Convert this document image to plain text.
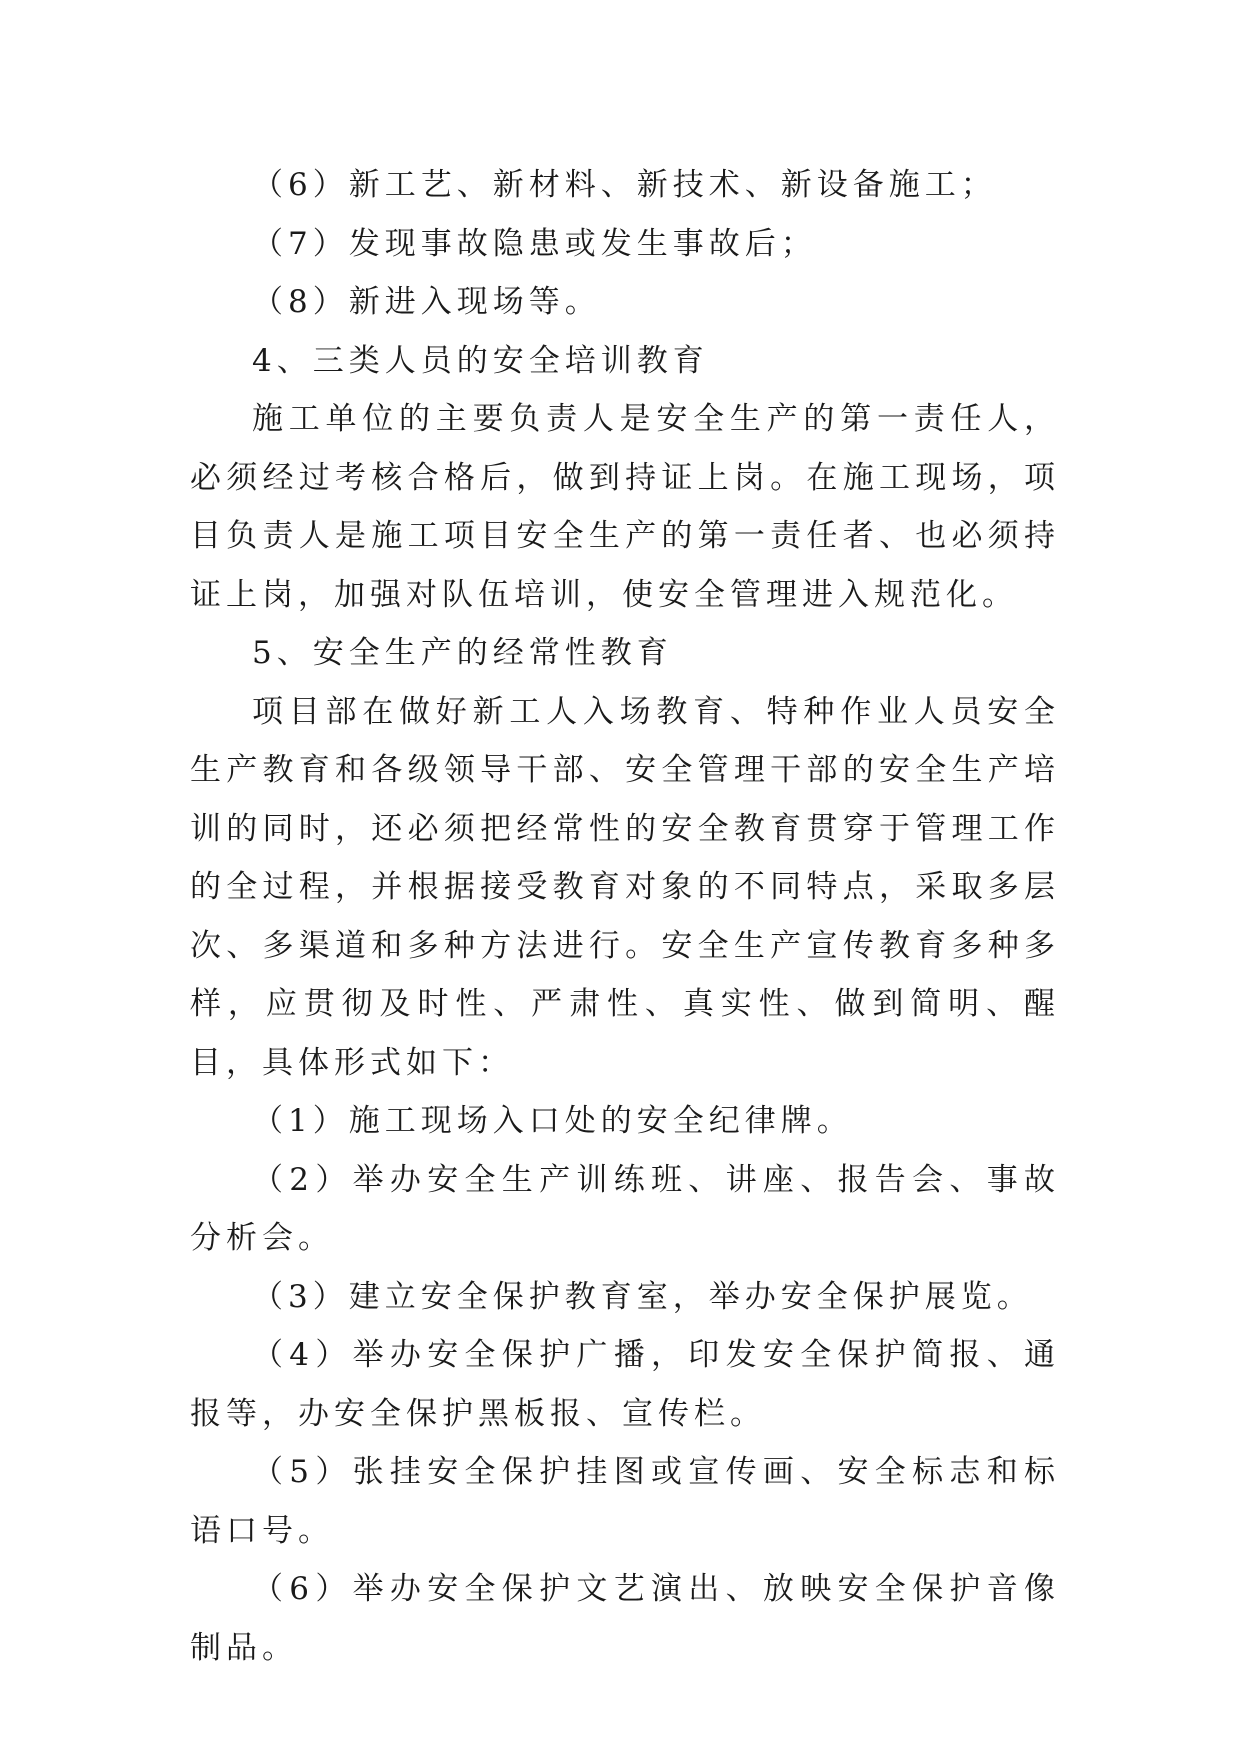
（6）新工艺、新材料、新技术、新设备施工；

（7）发现事故隐患或发生事故后；

（8）新进入现场等。

4、三类人员的安全培训教育

施工单位的主要负责人是安全生产的第一责任人，必须经过考核合格后，做到持证上岗。在施工现场，项目负责人是施工项目安全生产的第一责任者、也必须持证上岗，加强对队伍培训，使安全管理进入规范化。

5、安全生产的经常性教育

项目部在做好新工人入场教育、特种作业人员安全生产教育和各级领导干部、安全管理干部的安全生产培训的同时，还必须把经常性的安全教育贯穿于管理工作的全过程，并根据接受教育对象的不同特点，采取多层次、多渠道和多种方法进行。安全生产宣传教育多种多样，应贯彻及时性、严肃性、真实性、做到简明、醒目，具体形式如下：

（1）施工现场入口处的安全纪律牌。

（2）举办安全生产训练班、讲座、报告会、事故分析会。

（3）建立安全保护教育室，举办安全保护展览。

（4）举办安全保护广播，印发安全保护简报、通报等，办安全保护黑板报、宣传栏。

（5）张挂安全保护挂图或宣传画、安全标志和标语口号。

（6）举办安全保护文艺演出、放映安全保护音像制品。
